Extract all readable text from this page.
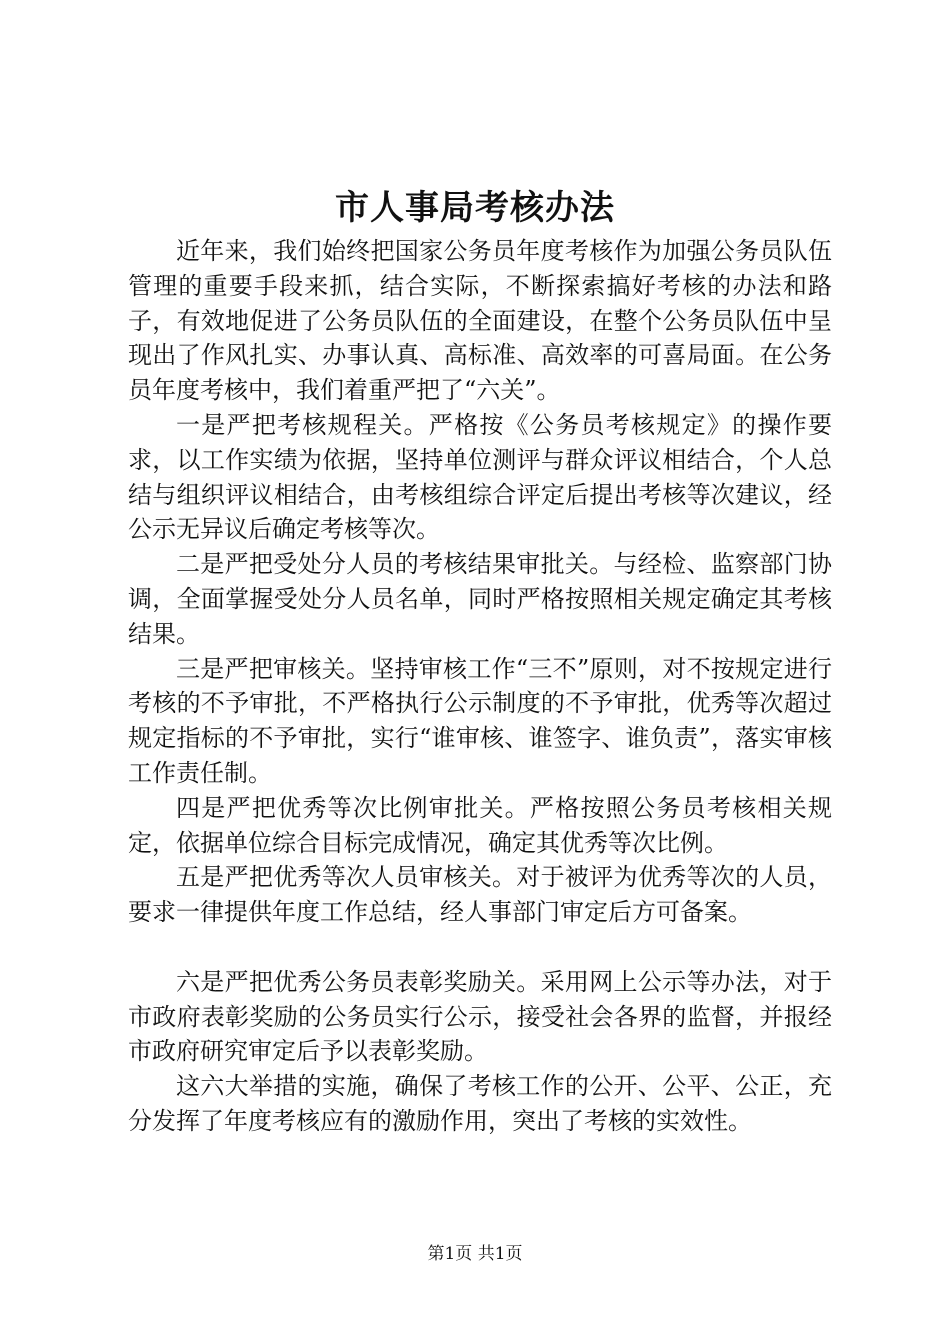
市人事局考核办法

近年来，我们始终把国家公务员年度考核作为加强公务员队伍管理的重要手段来抓，结合实际，不断探索搞好考核的办法和路子，有效地促进了公务员队伍的全面建设，在整个公务员队伍中呈现出了作风扎实、办事认真、高标准、高效率的可喜局面。在公务员年度考核中，我们着重严把了“六关”。

一是严把考核规程关。严格按《公务员考核规定》的操作要求，以工作实绩为依据，坚持单位测评与群众评议相结合，个人总结与组织评议相结合，由考核组综合评定后提出考核等次建议，经公示无异议后确定考核等次。

二是严把受处分人员的考核结果审批关。与经检、监察部门协调，全面掌握受处分人员名单，同时严格按照相关规定确定其考核结果。

三是严把审核关。坚持审核工作“三不”原则，对不按规定进行考核的不予审批，不严格执行公示制度的不予审批，优秀等次超过规定指标的不予审批，实行“谁审核、谁签字、谁负责”，落实审核工作责任制。

四是严把优秀等次比例审批关。严格按照公务员考核相关规定，依据单位综合目标完成情况，确定其优秀等次比例。

五是严把优秀等次人员审核关。对于被评为优秀等次的人员，要求一律提供年度工作总结，经人事部门审定后方可备案。

六是严把优秀公务员表彰奖励关。采用网上公示等办法，对于市政府表彰奖励的公务员实行公示，接受社会各界的监督，并报经市政府研究审定后予以表彰奖励。

这六大举措的实施，确保了考核工作的公开、公平、公正，充分发挥了年度考核应有的激励作用，突出了考核的实效性。

第1页 共1页
